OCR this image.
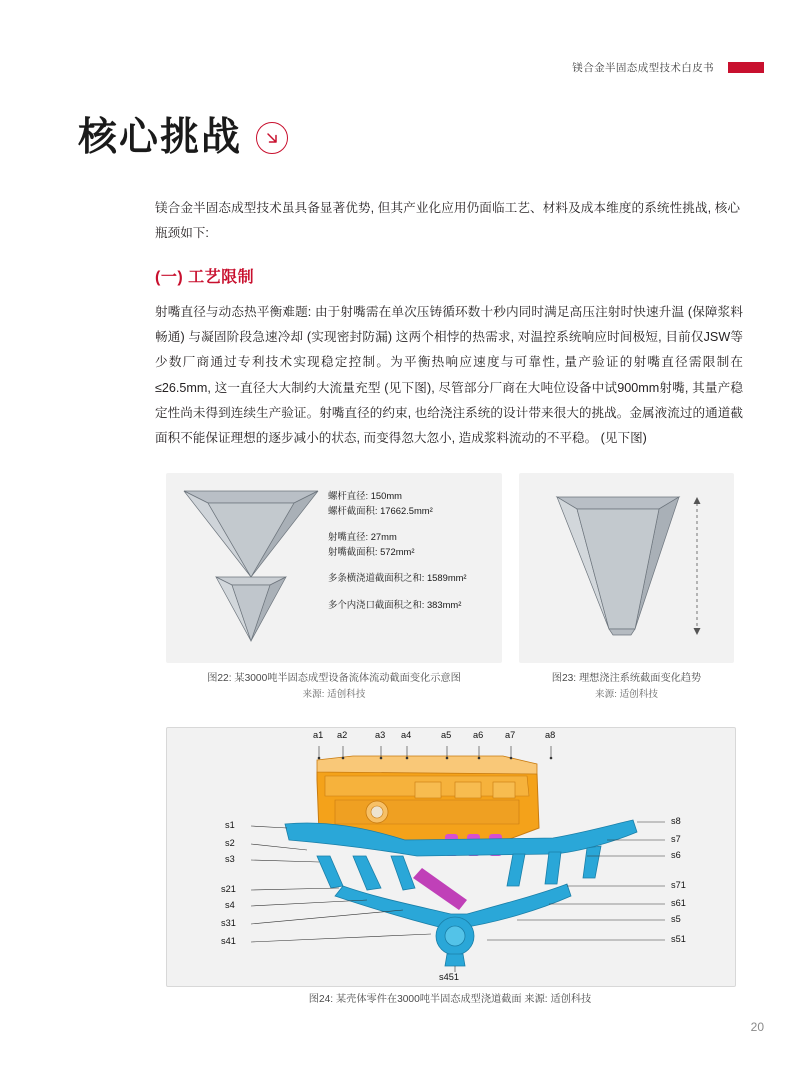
镁合金半固态成型技术白皮书
核心挑战
镁合金半固态成型技术虽具备显著优势, 但其产业化应用仍面临工艺、材料及成本维度的系统性挑战, 核心瓶颈如下:
(一) 工艺限制
射嘴直径与动态热平衡难题: 由于射嘴需在单次压铸循环数十秒内同时满足高压注射时快速升温 (保障浆料畅通) 与凝固阶段急速冷却 (实现密封防漏) 这两个相悖的热需求, 对温控系统响应时间极短, 目前仅JSW等少数厂商通过专利技术实现稳定控制。为平衡热响应速度与可靠性, 量产验证的射嘴直径需限制在≤26.5mm, 这一直径大大制约大流量充型 (见下图), 尽管部分厂商在大吨位设备中试900mm射嘴, 其量产稳定性尚未得到连续生产验证。射嘴直径的约束, 也给浇注系统的设计带来很大的挑战。金属液流过的通道截面积不能保证理想的逐步减小的状态, 而变得忽大忽小, 造成浆料流动的不平稳。 (见下图)
螺杆直径: 150mm
螺杆截面积: 17662.5mm²
射嘴直径: 27mm
射嘴截面积: 572mm²
多条横浇道截面积之和: 1589mm²
多个内浇口截面积之和: 383mm²
图22: 某3000吨半固态成型设备流体流动截面变化示意图
来源: 适创科技
图23: 理想浇注系统截面变化趋势
来源: 适创科技
a1 a2	a3 a4	a5 a6 a7	a8
s1
s2
s3
s21
s4
s31
s41
s8
s7
s6
s71
s61
s5
s51
s451
图24: 某壳体零件在3000吨半固态成型浇道截面 来源: 适创科技
20
